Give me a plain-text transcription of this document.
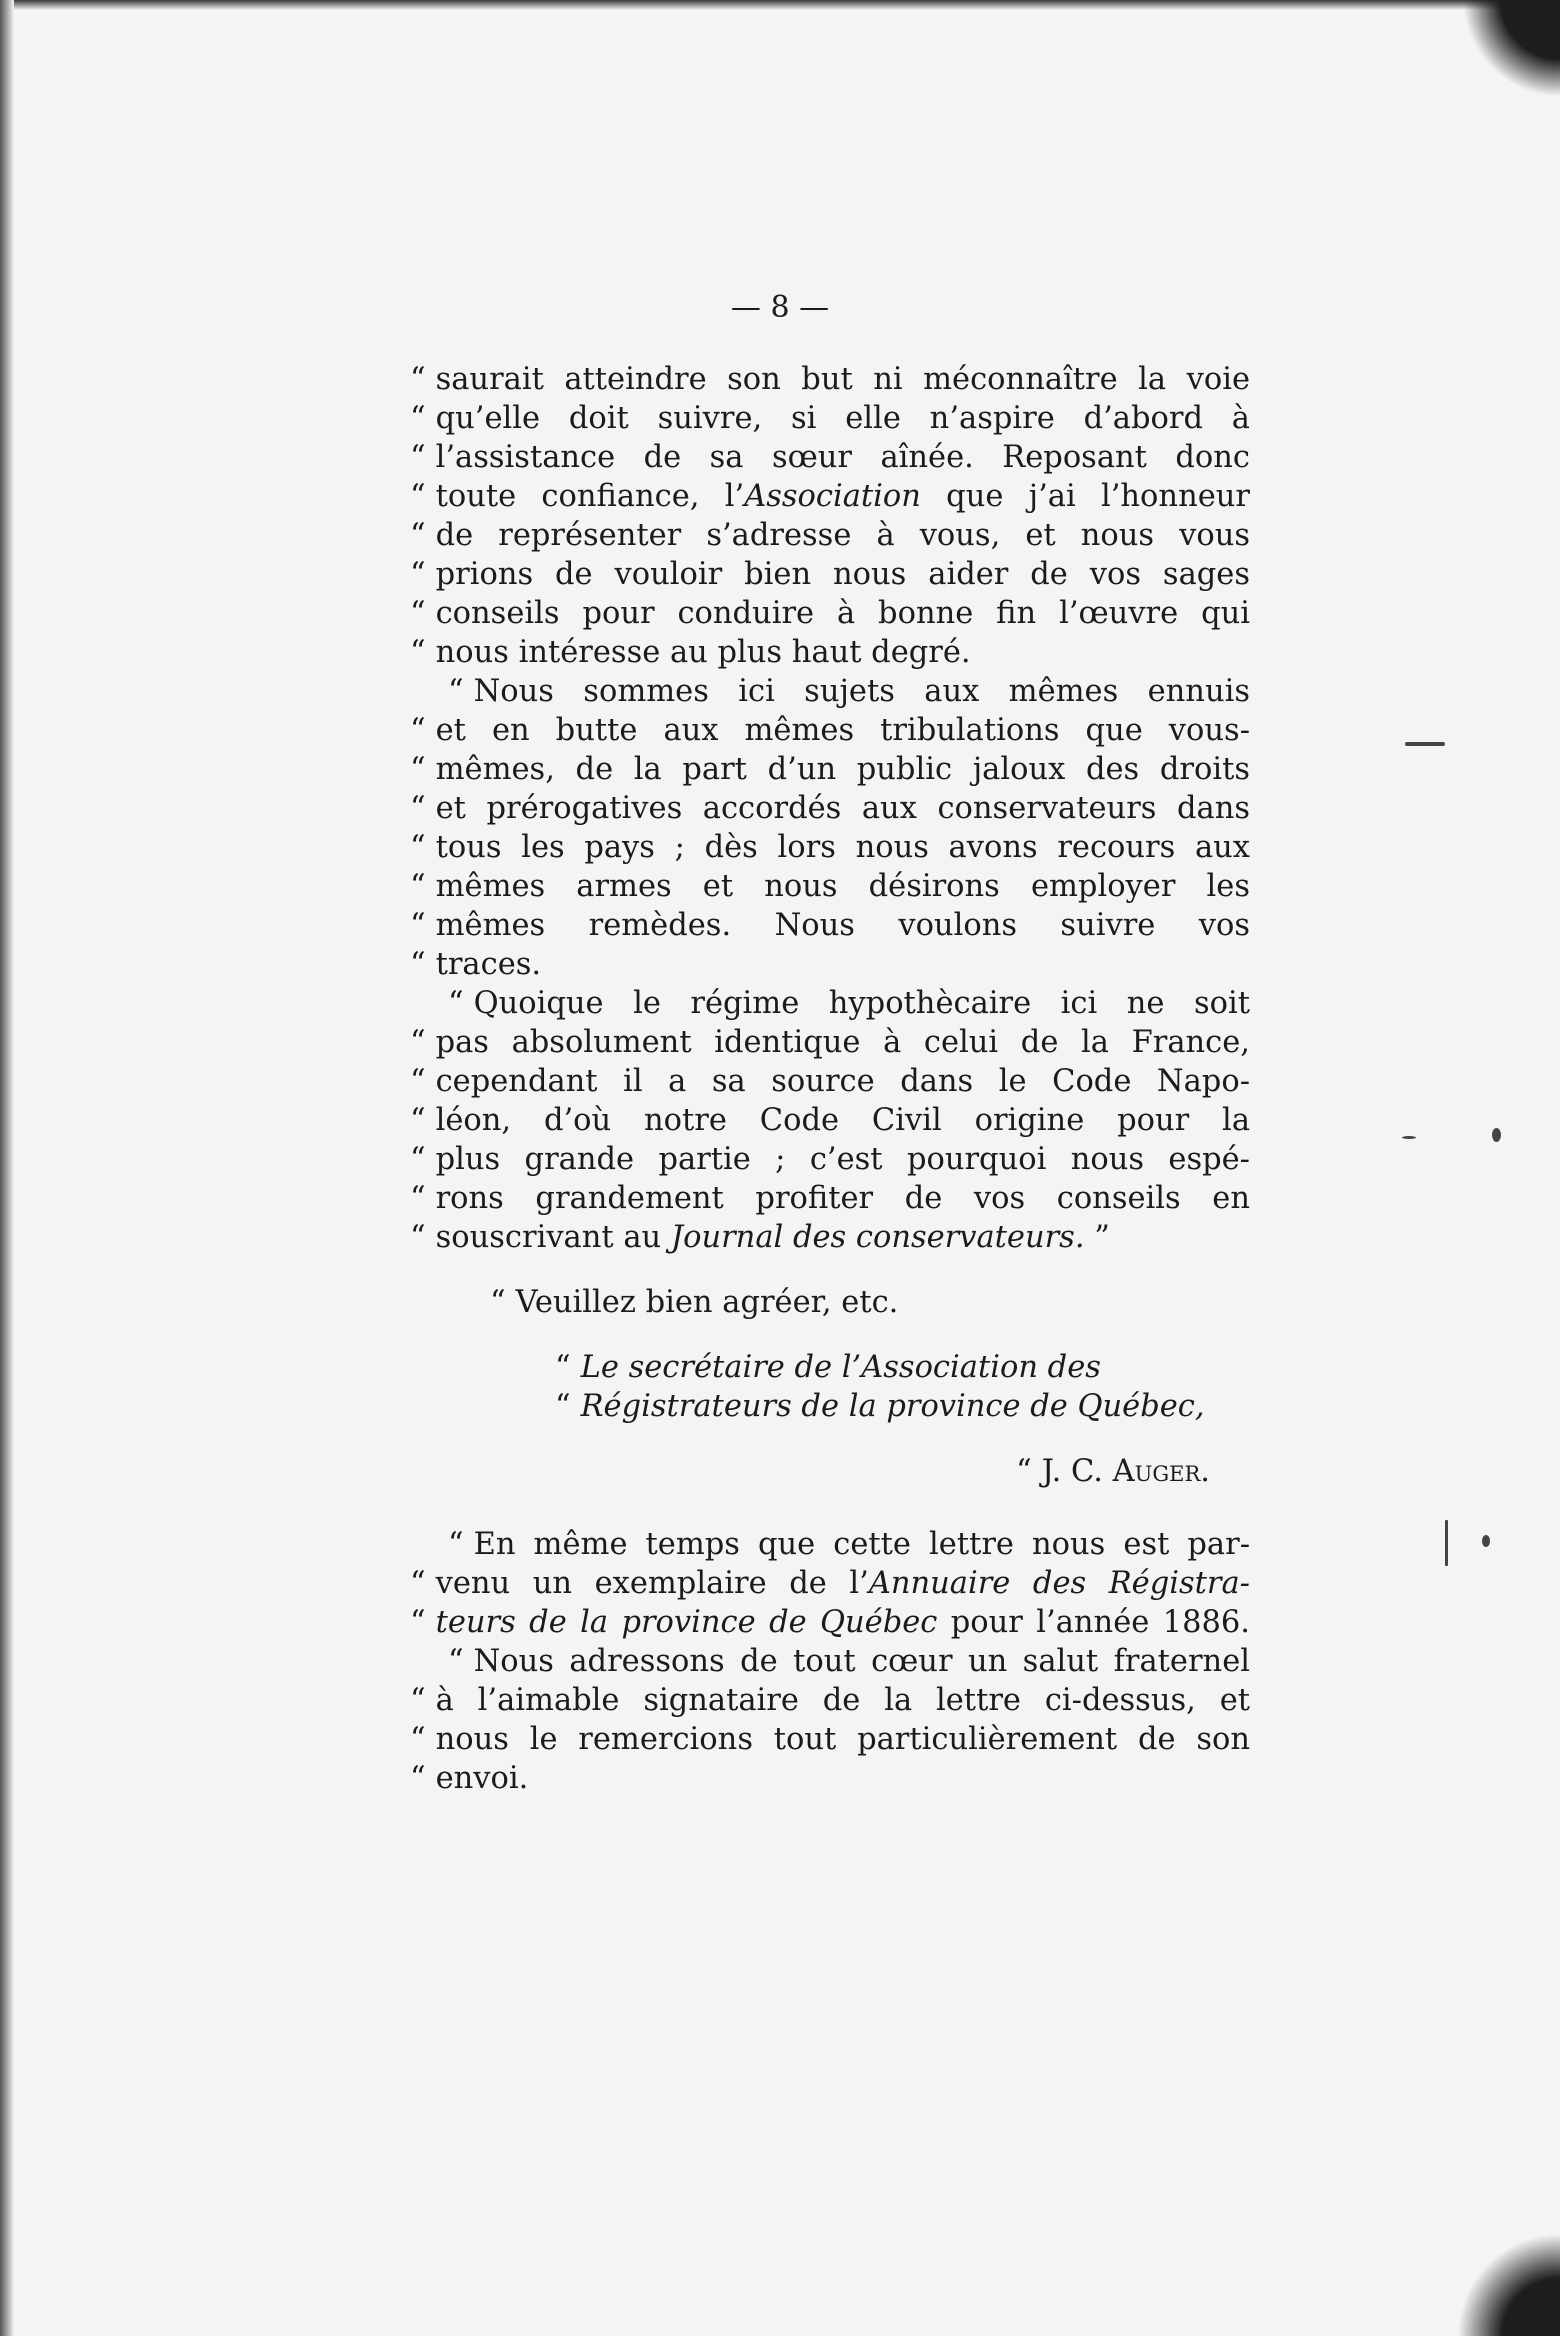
— 8 —
“ saurait atteindre son but ni méconnaître la voie
“ qu’elle doit suivre, si elle n’aspire d’abord à
“ l’assistance de sa sœur aînée. Reposant donc
“ toute confiance, l’Association que j’ai l’honneur
“ de représenter s’adresse à vous, et nous vous
“ prions de vouloir bien nous aider de vos sages
“ conseils pour conduire à bonne fin l’œuvre qui
“ nous intéresse au plus haut degré.
“ Nous sommes ici sujets aux mêmes ennuis
“ et en butte aux mêmes tribulations que vous-
“ mêmes, de la part d’un public jaloux des droits
“ et prérogatives accordés aux conservateurs dans
“ tous les pays ; dès lors nous avons recours aux
“ mêmes armes et nous désirons employer les
“ mêmes remèdes. Nous voulons suivre vos
“ traces.
“ Quoique le régime hypothècaire ici ne soit
“ pas absolument identique à celui de la France,
“ cependant il a sa source dans le Code Napo-
“ léon, d’où notre Code Civil origine pour la
“ plus grande partie ; c’est pourquoi nous espé-
“ rons grandement profiter de vos conseils en
“ souscrivant au Journal des conservateurs. ”
“ Veuillez bien agréer, etc.
“ Le secrétaire de l’Association des
“ Régistrateurs de la province de Québec,
“ J. C. Auger.
“ En même temps que cette lettre nous est par-
“ venu un exemplaire de l’Annuaire des Régistra-
“ teurs de la province de Québec pour l’année 1886.
“ Nous adressons de tout cœur un salut fraternel
“ à l’aimable signataire de la lettre ci-dessus, et
“ nous le remercions tout particulièrement de son
“ envoi.
